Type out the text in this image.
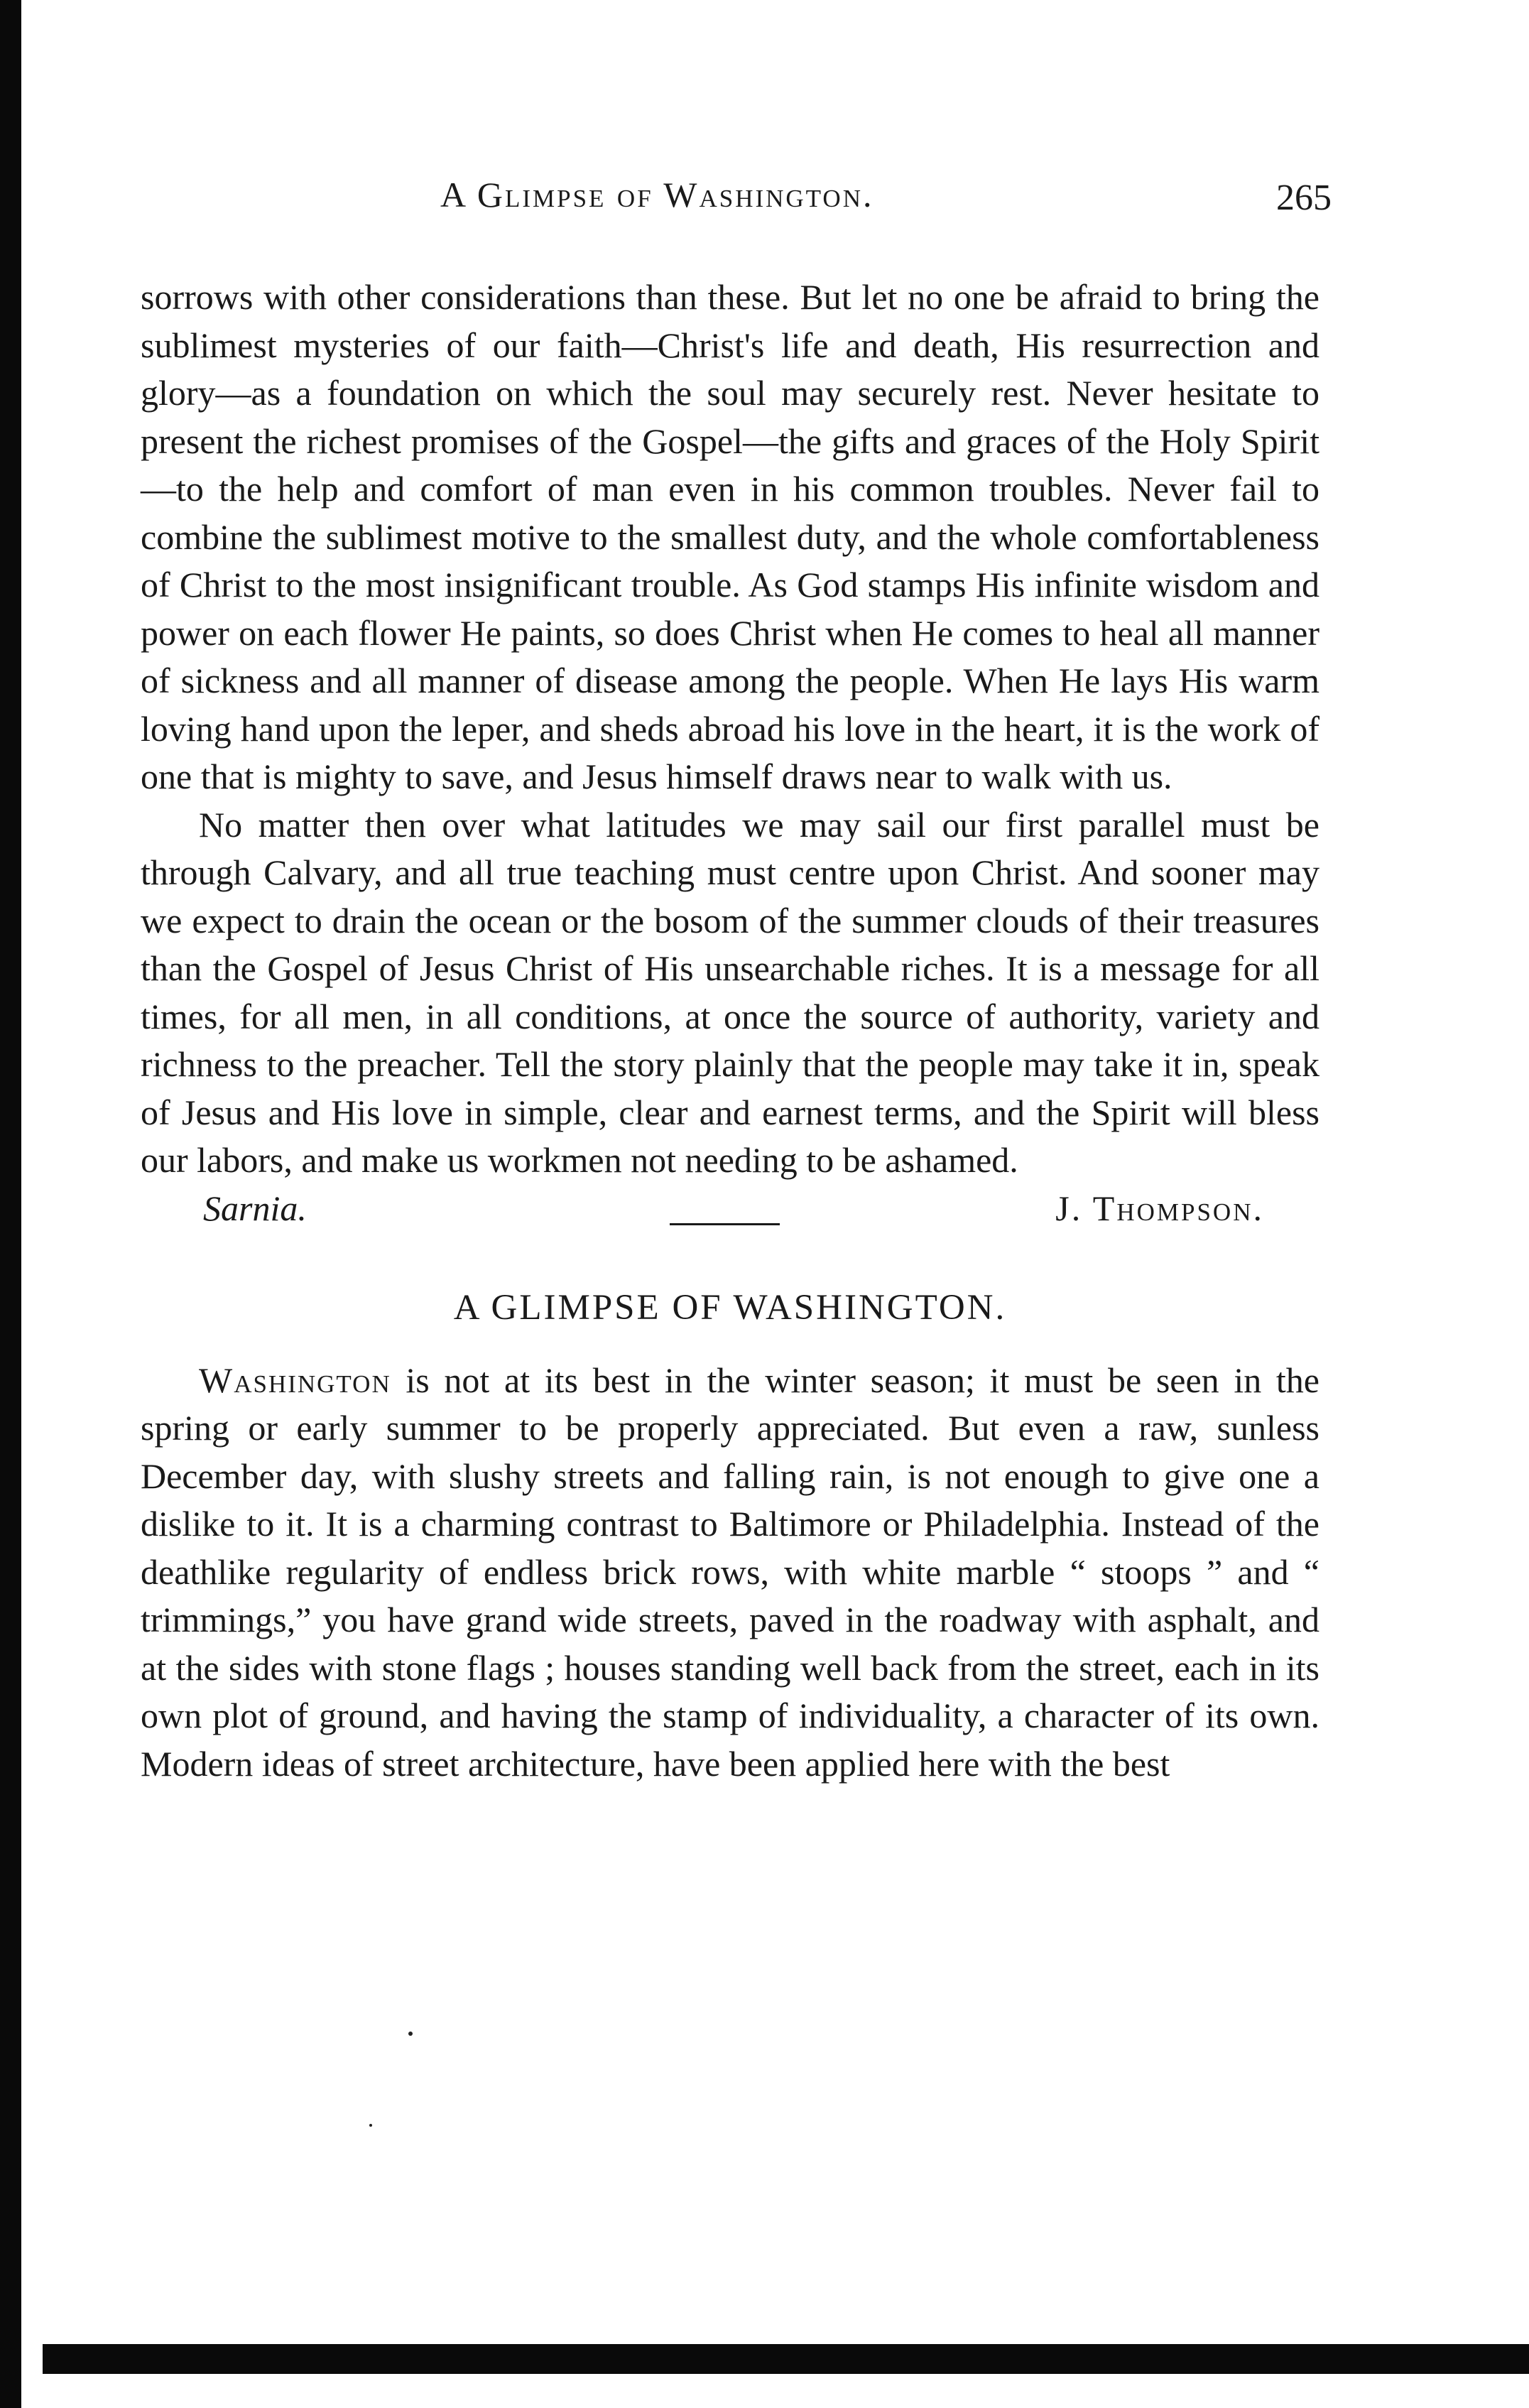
A Glimpse of Washington.	265

sorrows with other considerations than these. But let no one be afraid to bring the sublimest mysteries of our faith—Christ's life and death, His resurrection and glory—as a foundation on which the soul may securely rest. Never hesitate to present the richest promises of the Gospel—the gifts and graces of the Holy Spirit—to the help and comfort of man even in his common troubles. Never fail to combine the sublimest motive to the smallest duty, and the whole comfortableness of Christ to the most insignificant trouble. As God stamps His infinite wisdom and power on each flower He paints, so does Christ when He comes to heal all manner of sickness and all manner of disease among the people. When He lays His warm loving hand upon the leper, and sheds abroad his love in the heart, it is the work of one that is mighty to save, and Jesus himself draws near to walk with us.

No matter then over what latitudes we may sail our first parallel must be through Calvary, and all true teaching must centre upon Christ. And sooner may we expect to drain the ocean or the bosom of the summer clouds of their treasures than the Gospel of Jesus Christ of His unsearchable riches. It is a message for all times, for all men, in all conditions, at once the source of authority, variety and richness to the preacher. Tell the story plainly that the people may take it in, speak of Jesus and His love in simple, clear and earnest terms, and the Spirit will bless our labors, and make us workmen not needing to be ashamed.

Sarnia.	J. Thompson.
A GLIMPSE OF WASHINGTON.

Washington is not at its best in the winter season; it must be seen in the spring or early summer to be properly appreciated. But even a raw, sunless December day, with slushy streets and falling rain, is not enough to give one a dislike to it. It is a charming contrast to Baltimore or Philadelphia. Instead of the deathlike regularity of endless brick rows, with white marble “ stoops ” and “ trimmings,” you have grand wide streets, paved in the roadway with asphalt, and at the sides with stone flags ; houses standing well back from the street, each in its own plot of ground, and having the stamp of individuality, a character of its own. Modern ideas of street architecture, have been applied here with the best
